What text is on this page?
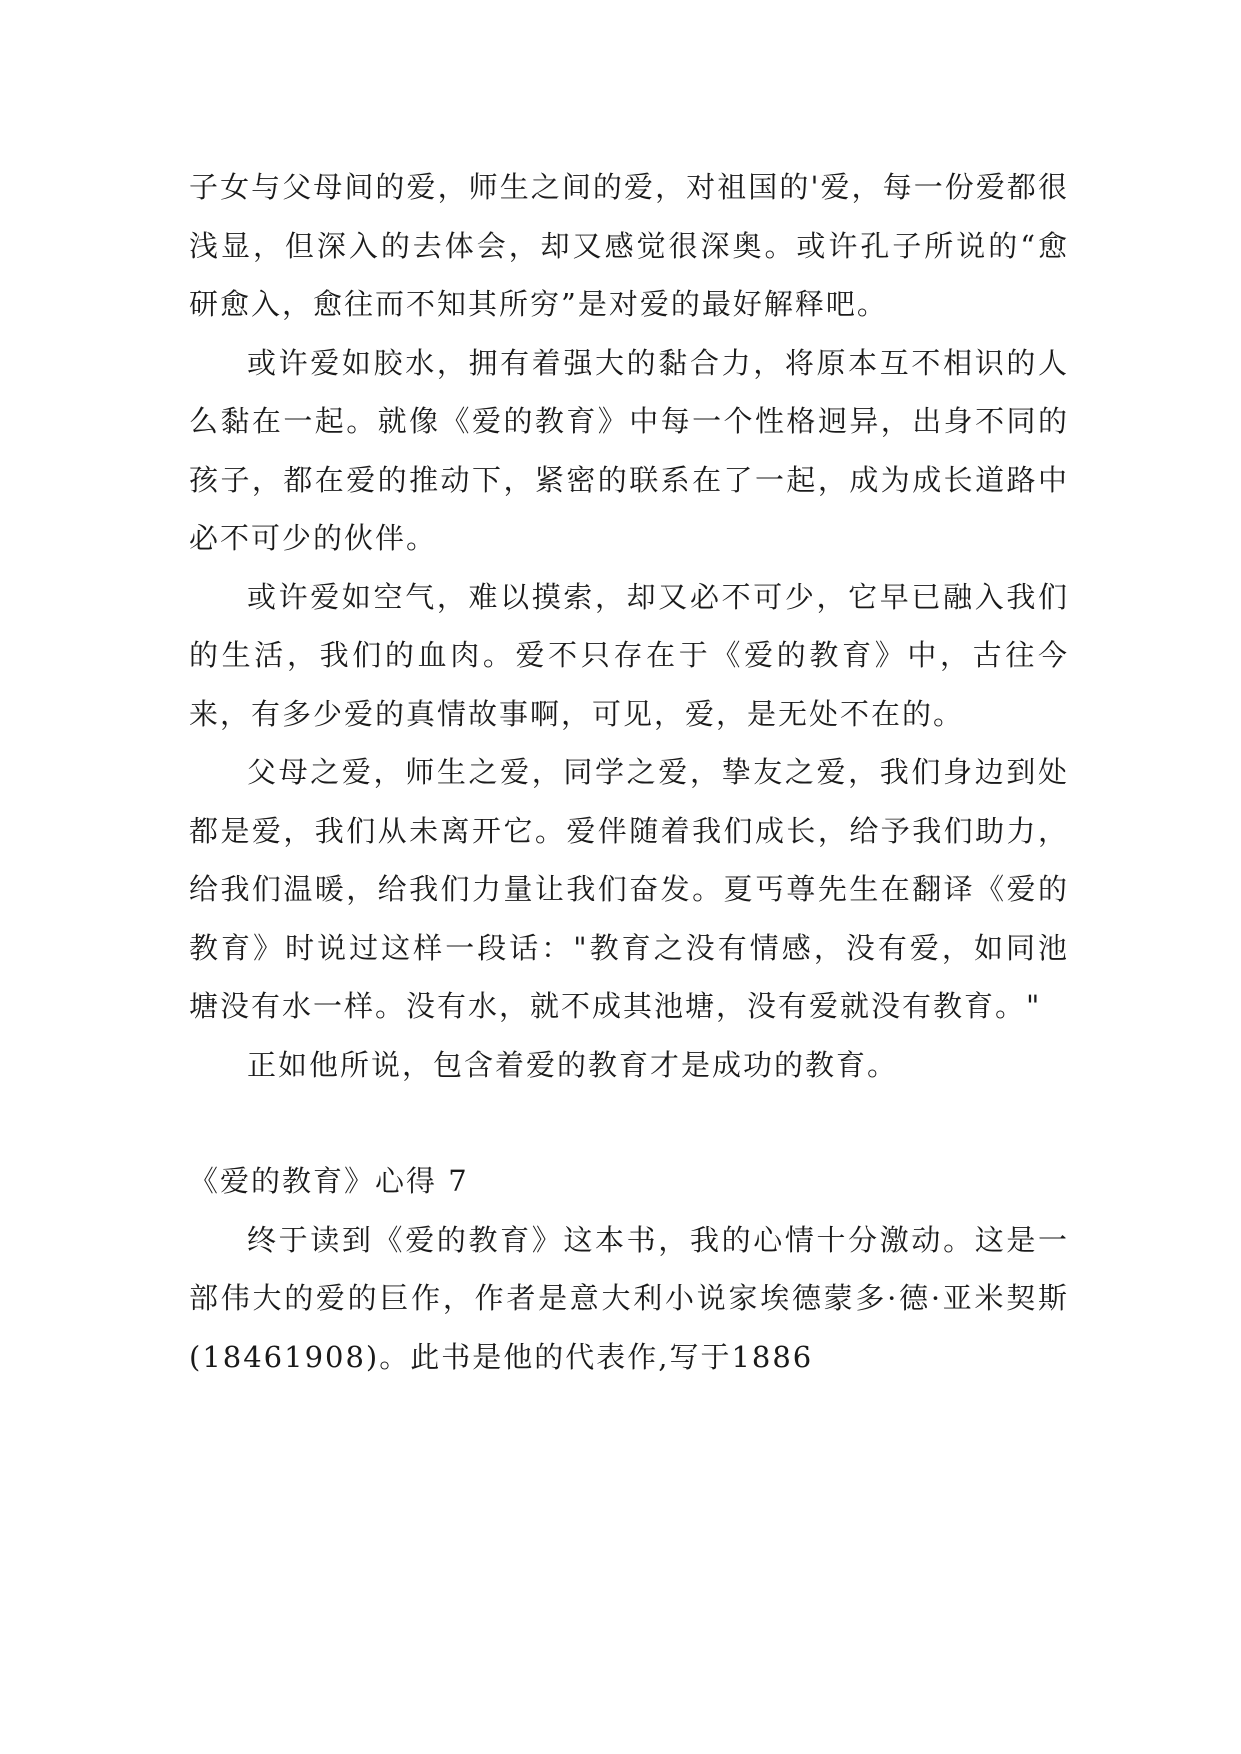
子女与父母间的爱，师生之间的爱，对祖国的'爱，每一份爱都很浅显，但深入的去体会，却又感觉很深奥。或许孔子所说的“愈研愈入，愈往而不知其所穷”是对爱的最好解释吧。

或许爱如胶水，拥有着强大的黏合力，将原本互不相识的人么黏在一起。就像《爱的教育》中每一个性格迥异，出身不同的孩子，都在爱的推动下，紧密的联系在了一起，成为成长道路中必不可少的伙伴。

或许爱如空气，难以摸索，却又必不可少，它早已融入我们的生活，我们的血肉。爱不只存在于《爱的教育》中，古往今来，有多少爱的真情故事啊，可见，爱，是无处不在的。

父母之爱，师生之爱，同学之爱，挚友之爱，我们身边到处都是爱，我们从未离开它。爱伴随着我们成长，给予我们助力，给我们温暖，给我们力量让我们奋发。夏丐尊先生在翻译《爱的教育》时说过这样一段话："教育之没有情感，没有爱，如同池塘没有水一样。没有水，就不成其池塘，没有爱就没有教育。"

正如他所说，包含着爱的教育才是成功的教育。

《爱的教育》心得 7

终于读到《爱的教育》这本书，我的心情十分激动。这是一部伟大的爱的巨作，作者是意大利小说家埃德蒙多·德·亚米契斯(18461908)。此书是他的代表作,写于1886
